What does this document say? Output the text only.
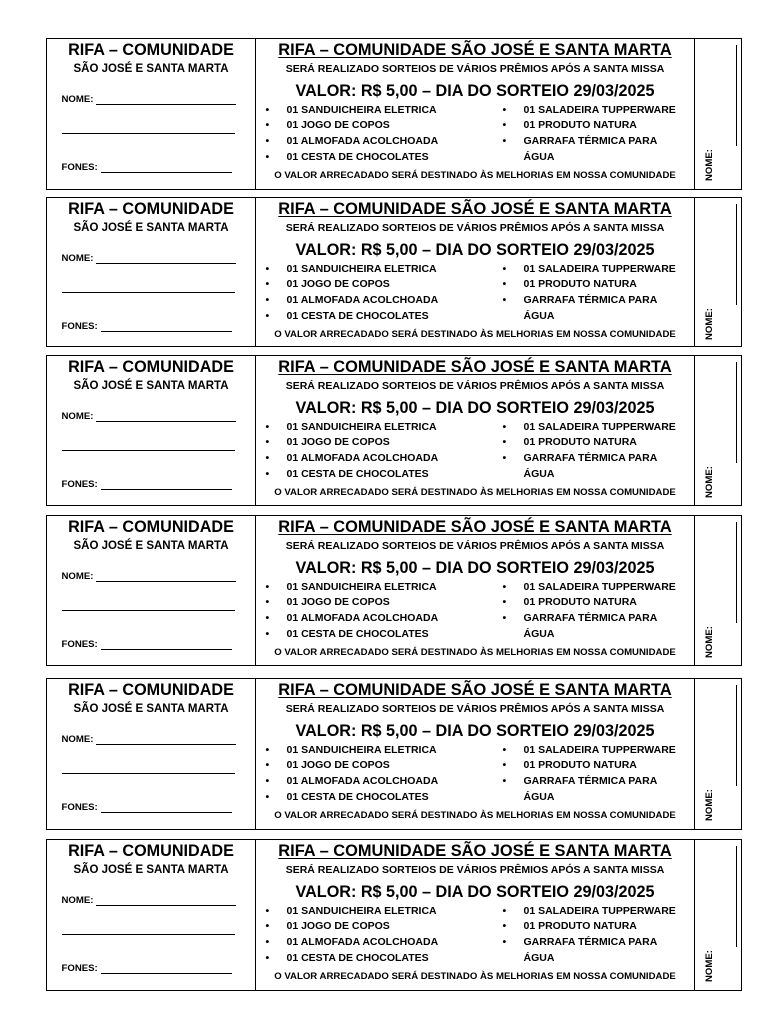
RIFA – COMUNIDADE
SÃO JOSÉ E SANTA MARTA
NOME:
FONES:
RIFA – COMUNIDADE SÃO JOSÉ E SANTA MARTA
SERÁ REALIZADO SORTEIOS DE VÁRIOS PRÊMIOS APÓS A SANTA MISSA
VALOR: R$ 5,00 – DIA DO SORTEIO 29/03/2025
• 01 SANDUICHEIRA ELETRICA
• 01 JOGO DE COPOS
• 01 ALMOFADA ACOLCHOADA
• 01 CESTA DE CHOCOLATES
• 01 SALADEIRA TUPPERWARE
• 01 PRODUTO NATURA
• GARRAFA TÉRMICA PARA ÁGUA
O VALOR ARRECADADO SERÁ DESTINADO ÀS MELHORIAS EM NOSSA COMUNIDADE	NOME:
RIFA – COMUNIDADE
SÃO JOSÉ E SANTA MARTA
NOME:
FONES:
RIFA – COMUNIDADE SÃO JOSÉ E SANTA MARTA
SERÁ REALIZADO SORTEIOS DE VÁRIOS PRÊMIOS APÓS A SANTA MISSA
VALOR: R$ 5,00 – DIA DO SORTEIO 29/03/2025
• 01 SANDUICHEIRA ELETRICA
• 01 JOGO DE COPOS
• 01 ALMOFADA ACOLCHOADA
• 01 CESTA DE CHOCOLATES
• 01 SALADEIRA TUPPERWARE
• 01 PRODUTO NATURA
• GARRAFA TÉRMICA PARA ÁGUA
O VALOR ARRECADADO SERÁ DESTINADO ÀS MELHORIAS EM NOSSA COMUNIDADE	NOME:
RIFA – COMUNIDADE
SÃO JOSÉ E SANTA MARTA
NOME:
FONES:
RIFA – COMUNIDADE SÃO JOSÉ E SANTA MARTA
SERÁ REALIZADO SORTEIOS DE VÁRIOS PRÊMIOS APÓS A SANTA MISSA
VALOR: R$ 5,00 – DIA DO SORTEIO 29/03/2025
• 01 SANDUICHEIRA ELETRICA
• 01 JOGO DE COPOS
• 01 ALMOFADA ACOLCHOADA
• 01 CESTA DE CHOCOLATES
• 01 SALADEIRA TUPPERWARE
• 01 PRODUTO NATURA
• GARRAFA TÉRMICA PARA ÁGUA
O VALOR ARRECADADO SERÁ DESTINADO ÀS MELHORIAS EM NOSSA COMUNIDADE	NOME:
RIFA – COMUNIDADE
SÃO JOSÉ E SANTA MARTA
NOME:
FONES:
RIFA – COMUNIDADE SÃO JOSÉ E SANTA MARTA
SERÁ REALIZADO SORTEIOS DE VÁRIOS PRÊMIOS APÓS A SANTA MISSA
VALOR: R$ 5,00 – DIA DO SORTEIO 29/03/2025
• 01 SANDUICHEIRA ELETRICA
• 01 JOGO DE COPOS
• 01 ALMOFADA ACOLCHOADA
• 01 CESTA DE CHOCOLATES
• 01 SALADEIRA TUPPERWARE
• 01 PRODUTO NATURA
• GARRAFA TÉRMICA PARA ÁGUA
O VALOR ARRECADADO SERÁ DESTINADO ÀS MELHORIAS EM NOSSA COMUNIDADE	NOME:
RIFA – COMUNIDADE
SÃO JOSÉ E SANTA MARTA
NOME:
FONES:
RIFA – COMUNIDADE SÃO JOSÉ E SANTA MARTA
SERÁ REALIZADO SORTEIOS DE VÁRIOS PRÊMIOS APÓS A SANTA MISSA
VALOR: R$ 5,00 – DIA DO SORTEIO 29/03/2025
• 01 SANDUICHEIRA ELETRICA
• 01 JOGO DE COPOS
• 01 ALMOFADA ACOLCHOADA
• 01 CESTA DE CHOCOLATES
• 01 SALADEIRA TUPPERWARE
• 01 PRODUTO NATURA
• GARRAFA TÉRMICA PARA ÁGUA
O VALOR ARRECADADO SERÁ DESTINADO ÀS MELHORIAS EM NOSSA COMUNIDADE	NOME:
RIFA – COMUNIDADE
SÃO JOSÉ E SANTA MARTA
NOME:
FONES:
RIFA – COMUNIDADE SÃO JOSÉ E SANTA MARTA
SERÁ REALIZADO SORTEIOS DE VÁRIOS PRÊMIOS APÓS A SANTA MISSA
VALOR: R$ 5,00 – DIA DO SORTEIO 29/03/2025
• 01 SANDUICHEIRA ELETRICA
• 01 JOGO DE COPOS
• 01 ALMOFADA ACOLCHOADA
• 01 CESTA DE CHOCOLATES
• 01 SALADEIRA TUPPERWARE
• 01 PRODUTO NATURA
• GARRAFA TÉRMICA PARA ÁGUA
O VALOR ARRECADADO SERÁ DESTINADO ÀS MELHORIAS EM NOSSA COMUNIDADE	NOME:
